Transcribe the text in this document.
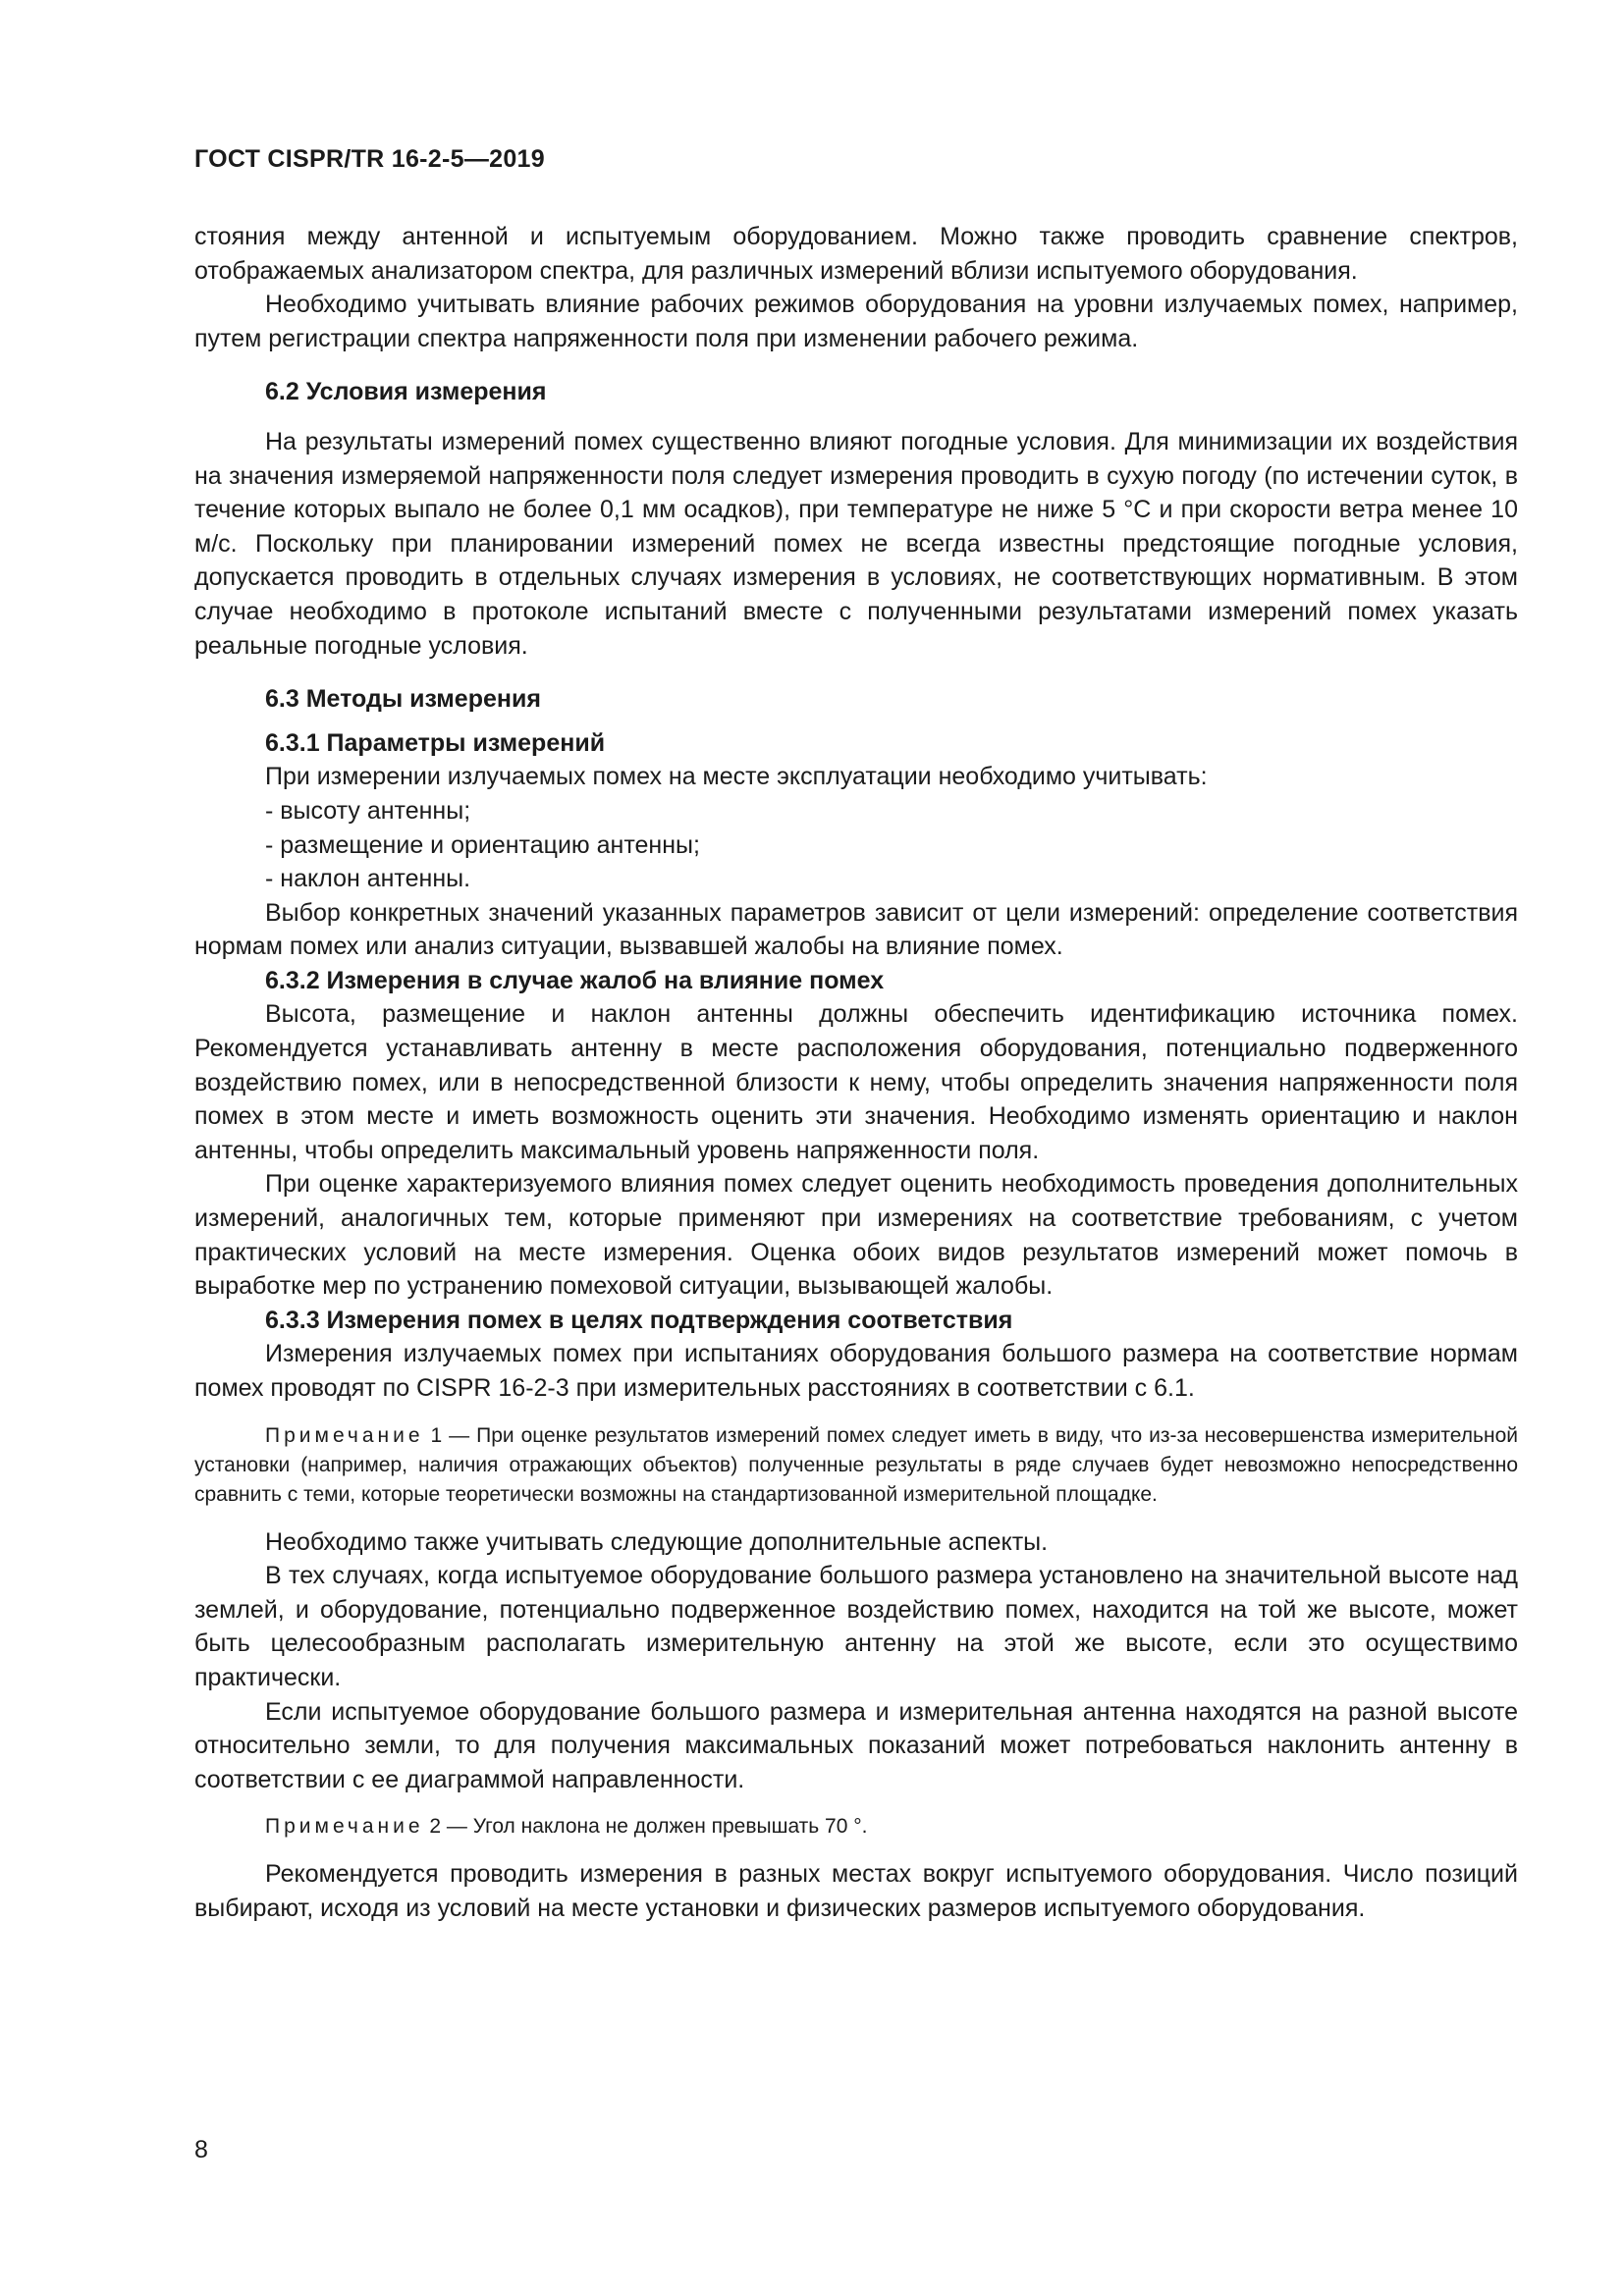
ГОСТ CISPR/TR 16-2-5—2019

стояния между антенной и испытуемым оборудованием. Можно также проводить сравнение спектров, отображаемых анализатором спектра, для различных измерений вблизи испытуемого оборудования.

Необходимо учитывать влияние рабочих режимов оборудования на уровни излучаемых помех, например, путем регистрации спектра напряженности поля при изменении рабочего режима.

6.2 Условия измерения

На результаты измерений помех существенно влияют погодные условия. Для минимизации их воздействия на значения измеряемой напряженности поля следует измерения проводить в сухую погоду (по истечении суток, в течение которых выпало не более 0,1 мм осадков), при температуре не ниже 5 °С и при скорости ветра менее 10 м/с. Поскольку при планировании измерений помех не всегда известны предстоящие погодные условия, допускается проводить в отдельных случаях измерения в условиях, не соответствующих нормативным. В этом случае необходимо в протоколе испытаний вместе с полученными результатами измерений помех указать реальные погодные условия.

6.3 Методы измерения
6.3.1 Параметры измерений

При измерении излучаемых помех на месте эксплуатации необходимо учитывать:

- высоту антенны;
- размещение и ориентацию антенны;
- наклон антенны.

Выбор конкретных значений указанных параметров зависит от цели измерений: определение соответствия нормам помех или анализ ситуации, вызвавшей жалобы на влияние помех.

6.3.2 Измерения в случае жалоб на влияние помех

Высота, размещение и наклон антенны должны обеспечить идентификацию источника помех. Рекомендуется устанавливать антенну в месте расположения оборудования, потенциально подверженного воздействию помех, или в непосредственной близости к нему, чтобы определить значения напряженности поля помех в этом месте и иметь возможность оценить эти значения. Необходимо изменять ориентацию и наклон антенны, чтобы определить максимальный уровень напряженности поля.

При оценке характеризуемого влияния помех следует оценить необходимость проведения дополнительных измерений, аналогичных тем, которые применяют при измерениях на соответствие требованиям, с учетом практических условий на месте измерения. Оценка обоих видов результатов измерений может помочь в выработке мер по устранению помеховой ситуации, вызывающей жалобы.

6.3.3 Измерения помех в целях подтверждения соответствия

Измерения излучаемых помех при испытаниях оборудования большого размера на соответствие нормам помех проводят по CISPR 16-2-3 при измерительных расстояниях в соответствии с 6.1.

Примечание 1 — При оценке результатов измерений помех следует иметь в виду, что из-за несовершенства измерительной установки (например, наличия отражающих объектов) полученные результаты в ряде случаев будет невозможно непосредственно сравнить с теми, которые теоретически возможны на стандартизованной измерительной площадке.

Необходимо также учитывать следующие дополнительные аспекты.

В тех случаях, когда испытуемое оборудование большого размера установлено на значительной высоте над землей, и оборудование, потенциально подверженное воздействию помех, находится на той же высоте, может быть целесообразным располагать измерительную антенну на этой же высоте, если это осуществимо практически.

Если испытуемое оборудование большого размера и измерительная антенна находятся на разной высоте относительно земли, то для получения максимальных показаний может потребоваться наклонить антенну в соответствии с ее диаграммой направленности.

Примечание 2 — Угол наклона не должен превышать 70 °.

Рекомендуется проводить измерения в разных местах вокруг испытуемого оборудования. Число позиций выбирают, исходя из условий на месте установки и физических размеров испытуемого оборудования.

8
